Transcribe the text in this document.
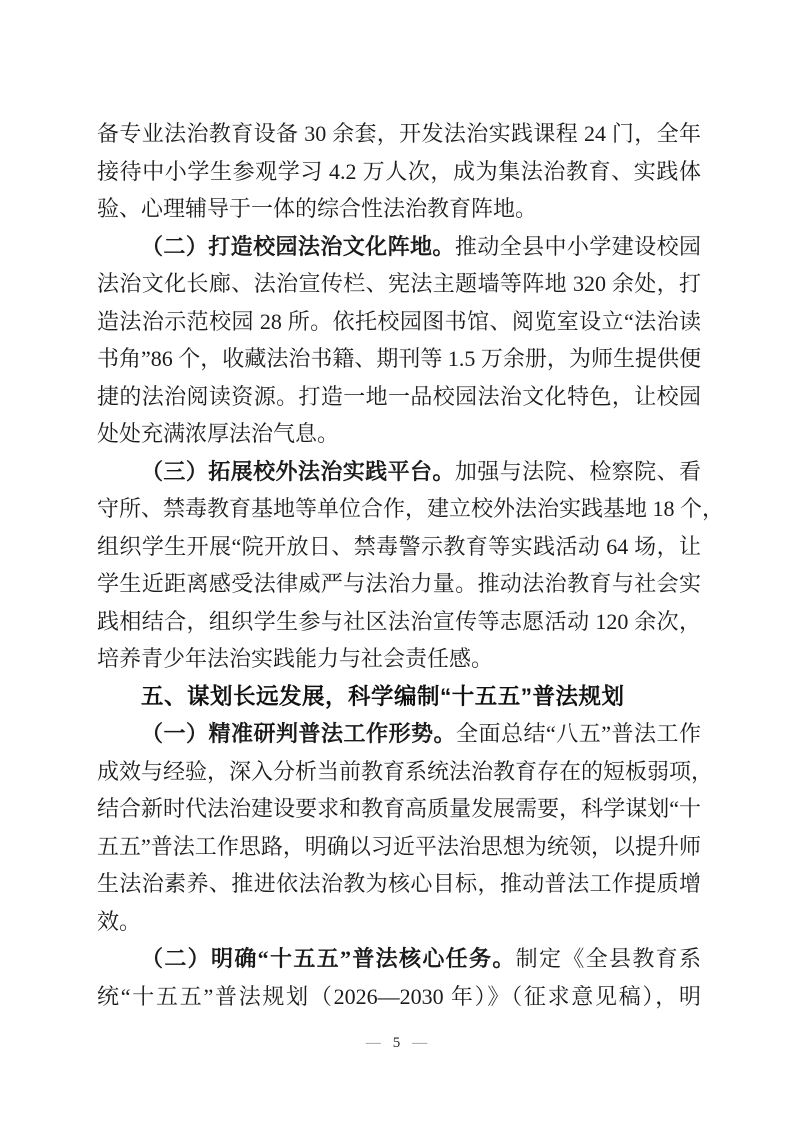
备专业法治教育设备 30 余套，开发法治实践课程 24 门，全年
接待中小学生参观学习 4.2 万人次，成为集法治教育、实践体
验、心理辅导于一体的综合性法治教育阵地。
（二）打造校园法治文化阵地。推动全县中小学建设校园
法治文化长廊、法治宣传栏、宪法主题墙等阵地 320 余处，打
造法治示范校园 28 所。依托校园图书馆、阅览室设立“法治读
书角”86 个，收藏法治书籍、期刊等 1.5 万余册，为师生提供便
捷的法治阅读资源。打造一地一品校园法治文化特色，让校园
处处充满浓厚法治气息。
（三）拓展校外法治实践平台。加强与法院、检察院、看
守所、禁毒教育基地等单位合作，建立校外法治实践基地 18 个，
组织学生开展“院开放日、禁毒警示教育等实践活动 64 场，让
学生近距离感受法律威严与法治力量。推动法治教育与社会实
践相结合，组织学生参与社区法治宣传等志愿活动 120 余次，
培养青少年法治实践能力与社会责任感。
五、谋划长远发展，科学编制“十五五”普法规划
（一）精准研判普法工作形势。全面总结“八五”普法工作
成效与经验，深入分析当前教育系统法治教育存在的短板弱项，
结合新时代法治建设要求和教育高质量发展需要，科学谋划“十
五五”普法工作思路，明确以习近平法治思想为统领，以提升师
生法治素养、推进依法治教为核心目标，推动普法工作提质增
效。
（二）明确“十五五”普法核心任务。制定《全县教育系
统“十五五”普法规划（2026—2030 年）》（征求意见稿），明
— 5 —
